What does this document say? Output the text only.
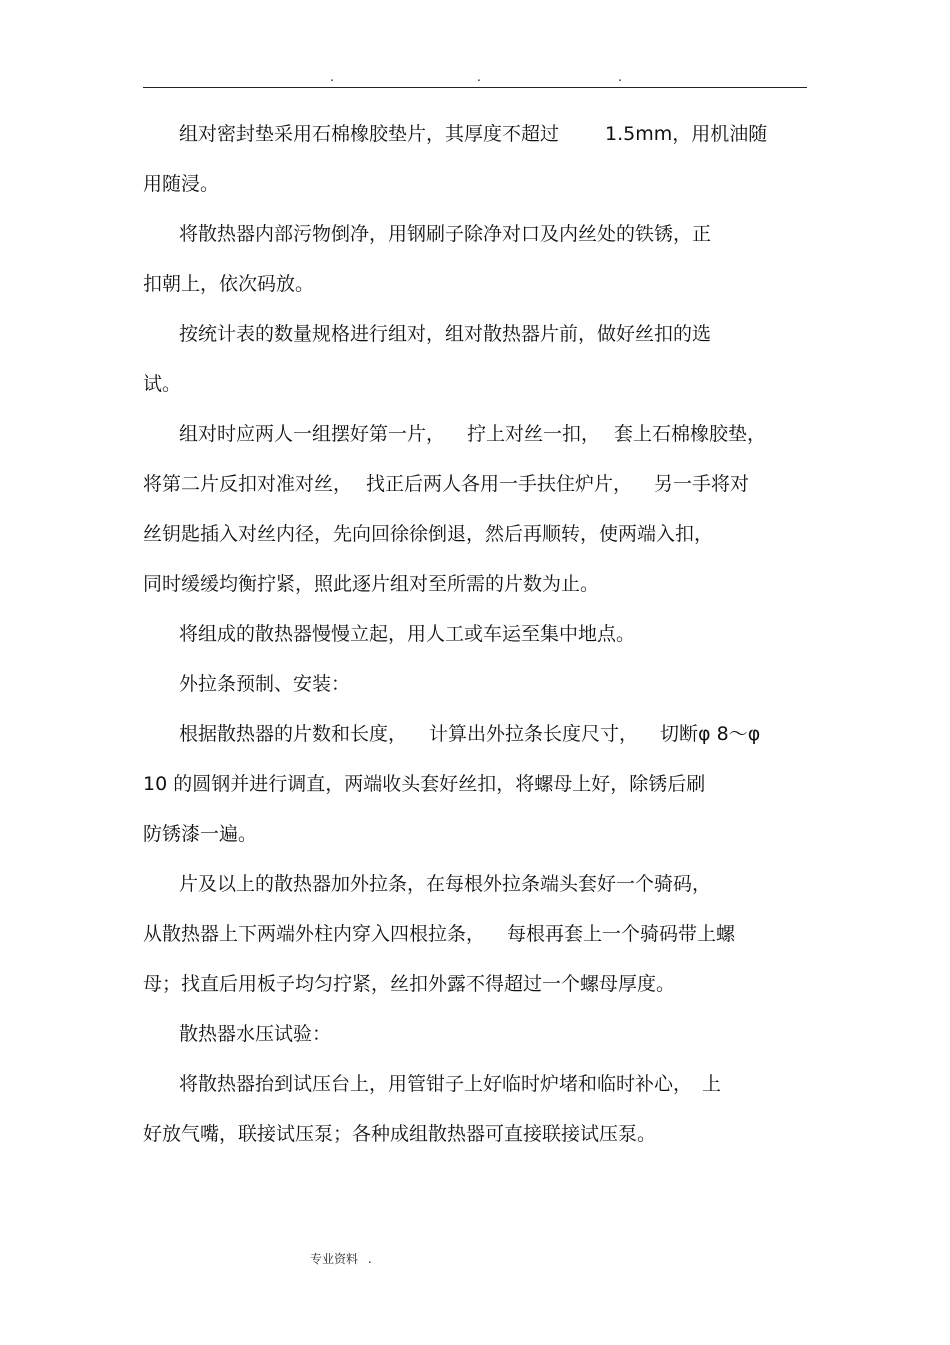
.	.	.

组对密封垫采用石棉橡胶垫片，其厚度不超过 1.5mm，用机油随

用随浸。

将散热器内部污物倒净，用钢刷子除净对口及内丝处的铁锈，正

扣朝上，依次码放。

按统计表的数量规格进行组对，组对散热器片前，做好丝扣的选

试。

组对时应两人一组摆好第一片， 拧上对丝一扣， 套上石棉橡胶垫，

将第二片反扣对准对丝， 找正后两人各用一手扶住炉片， 另一手将对

丝钥匙插入对丝内径，先向回徐徐倒退，然后再顺转，使两端入扣，

同时缓缓均衡拧紧，照此逐片组对至所需的片数为止。

将组成的散热器慢慢立起，用人工或车运至集中地点。

外拉条预制、安装：

根据散热器的片数和长度， 计算出外拉条长度尺寸， 切断φ 8～φ

10 的圆钢并进行调直，两端收头套好丝扣，将螺母上好，除锈后刷

防锈漆一遍。

片及以上的散热器加外拉条，在每根外拉条端头套好一个骑码，

从散热器上下两端外柱内穿入四根拉条， 每根再套上一个骑码带上螺

母；找直后用板子均匀拧紧，丝扣外露不得超过一个螺母厚度。

散热器水压试验：

将散热器抬到试压台上，用管钳子上好临时炉堵和临时补心， 上

好放气嘴，联接试压泵；各种成组散热器可直接联接试压泵。

专业资料 .
